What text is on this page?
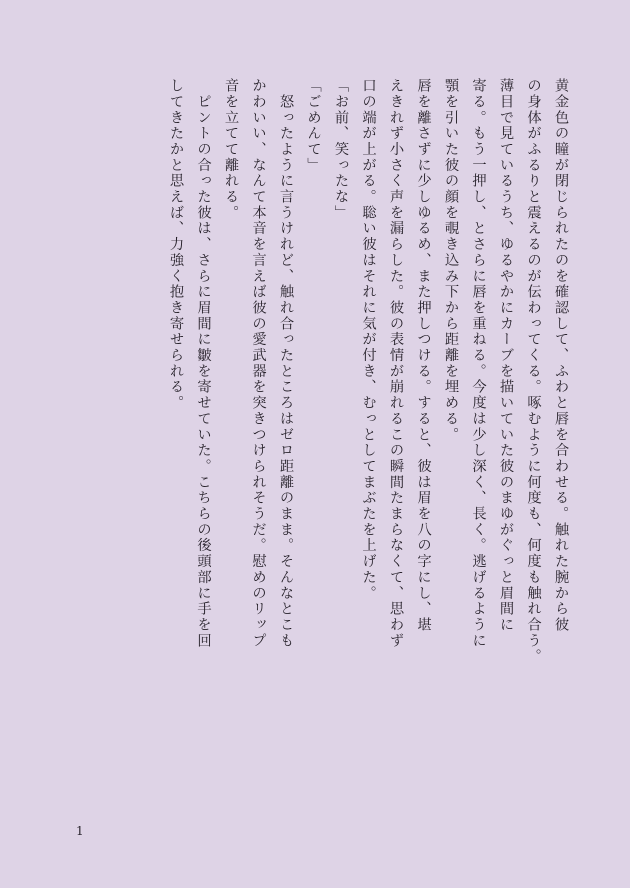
黄金色の瞳が閉じられたのを確認して、ふわと唇を合わせる。触れた腕から彼
の身体がふるりと震えるのが伝わってくる。啄むように何度も、何度も触れ合う。
薄目で見ているうち、ゆるやかにカーブを描いていた彼のまゆがぐっと眉間に
寄る。もう一押し、とさらに唇を重ねる。今度は少し深く、長く。逃げるように
顎を引いた彼の顔を覗き込み下から距離を埋める。
唇を離さずに少しゆるめ、また押しつける。すると、彼は眉を八の字にし、堪
えきれず小さく声を漏らした。彼の表情が崩れるこの瞬間たまらなくて、思わず
口の端が上がる。聡い彼はそれに気が付き、むっとしてまぶたを上げた。
「お前、笑ったな」
「ごめんて」
　怒ったように言うけれど、触れ合ったところはゼロ距離のまま。そんなとこも
かわいい、なんて本音を言えば彼の愛武器を突きつけられそうだ。慰めのリップ
音を立てて離れる。
　ピントの合った彼は、さらに眉間に皺を寄せていた。こちらの後頭部に手を回
してきたかと思えば、力強く抱き寄せられる。
1
